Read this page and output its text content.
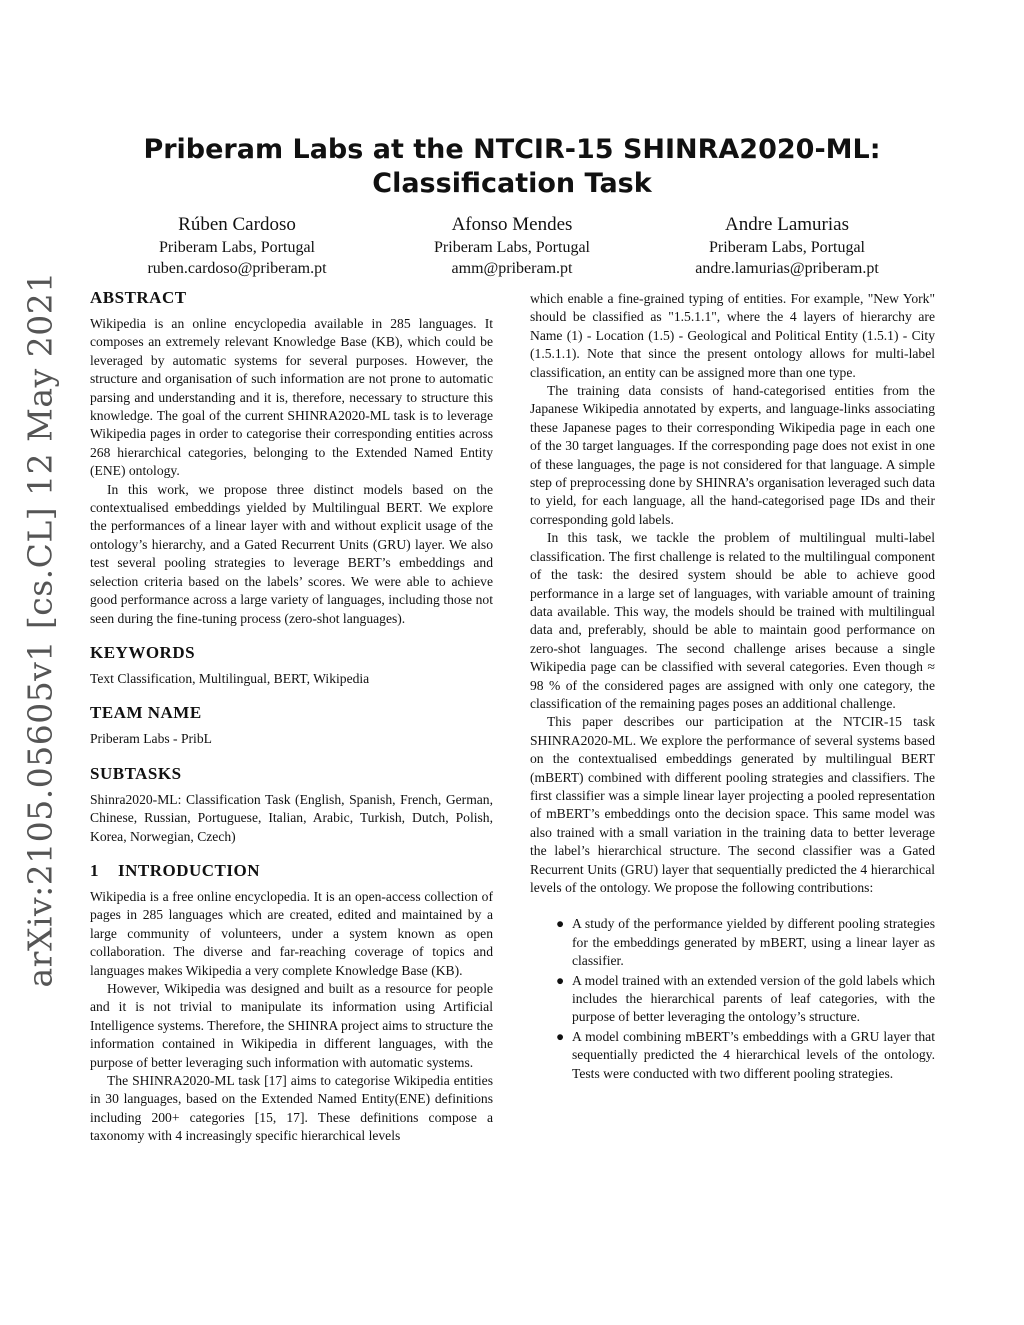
arXiv:2105.05605v1 [cs.CL] 12 May 2021
Priberam Labs at the NTCIR-15 SHINRA2020-ML: Classification Task
Rúben Cardoso
Priberam Labs, Portugal
ruben.cardoso@priberam.pt
Afonso Mendes
Priberam Labs, Portugal
amm@priberam.pt
Andre Lamurias
Priberam Labs, Portugal
andre.lamurias@priberam.pt
ABSTRACT

Wikipedia is an online encyclopedia available in 285 languages. It composes an extremely relevant Knowledge Base (KB), which could be leveraged by automatic systems for several purposes. However, the structure and organisation of such information are not prone to automatic parsing and understanding and it is, therefore, necessary to structure this knowledge. The goal of the current SHINRA2020-ML task is to leverage Wikipedia pages in order to categorise their corresponding entities across 268 hierarchical categories, belonging to the Extended Named Entity (ENE) ontology.

In this work, we propose three distinct models based on the contextualised embeddings yielded by Multilingual BERT. We explore the performances of a linear layer with and without explicit usage of the ontology’s hierarchy, and a Gated Recurrent Units (GRU) layer. We also test several pooling strategies to leverage BERT’s embeddings and selection criteria based on the labels’ scores. We were able to achieve good performance across a large variety of languages, including those not seen during the fine-tuning process (zero-shot languages).

KEYWORDS

Text Classification, Multilingual, BERT, Wikipedia

TEAM NAME

Priberam Labs - PribL

SUBTASKS

Shinra2020-ML: Classification Task (English, Spanish, French, German, Chinese, Russian, Portuguese, Italian, Arabic, Turkish, Dutch, Polish, Korea, Norwegian, Czech)

1 INTRODUCTION

Wikipedia is a free online encyclopedia. It is an open-access collection of pages in 285 languages which are created, edited and maintained by a large community of volunteers, under a system known as open collaboration. The diverse and far-reaching coverage of topics and languages makes Wikipedia a very complete Knowledge Base (KB).

However, Wikipedia was designed and built as a resource for people and it is not trivial to manipulate its information using Artificial Intelligence systems. Therefore, the SHINRA project aims to structure the information contained in Wikipedia in different languages, with the purpose of better leveraging such information with automatic systems.

The SHINRA2020-ML task [17] aims to categorise Wikipedia entities in 30 languages, based on the Extended Named Entity(ENE) definitions including 200+ categories [15, 17]. These definitions compose a taxonomy with 4 increasingly specific hierarchical levels

which enable a fine-grained typing of entities. For example, "New York" should be classified as "1.5.1.1", where the 4 layers of hierarchy are Name (1) - Location (1.5) - Geological and Political Entity (1.5.1) - City (1.5.1.1). Note that since the present ontology allows for multi-label classification, an entity can be assigned more than one type.

The training data consists of hand-categorised entities from the Japanese Wikipedia annotated by experts, and language-links associating these Japanese pages to their corresponding Wikipedia page in each one of the 30 target languages. If the corresponding page does not exist in one of these languages, the page is not considered for that language. A simple step of preprocessing done by SHINRA’s organisation leveraged such data to yield, for each language, all the hand-categorised page IDs and their corresponding gold labels.

In this task, we tackle the problem of multilingual multi-label classification. The first challenge is related to the multilingual component of the task: the desired system should be able to achieve good performance in a large set of languages, with variable amount of training data available. This way, the models should be trained with multilingual data and, preferably, should be able to maintain good performance on zero-shot languages. The second challenge arises because a single Wikipedia page can be classified with several categories. Even though ≈ 98 % of the considered pages are assigned with only one category, the classification of the remaining pages poses an additional challenge.

This paper describes our participation at the NTCIR-15 task SHINRA2020-ML. We explore the performance of several systems based on the contextualised embeddings generated by multilingual BERT (mBERT) combined with different pooling strategies and classifiers. The first classifier was a simple linear layer projecting a pooled representation of mBERT’s embeddings onto the decision space. This same model was also trained with a small variation in the training data to better leverage the label’s hierarchical structure. The second classifier was a Gated Recurrent Units (GRU) layer that sequentially predicted the 4 hierarchical levels of the ontology. We propose the following contributions:

● A study of the performance yielded by different pooling strategies for the embeddings generated by mBERT, using a linear layer as classifier.
● A model trained with an extended version of the gold labels which includes the hierarchical parents of leaf categories, with the purpose of better leveraging the ontology’s structure.
● A model combining mBERT’s embeddings with a GRU layer that sequentially predicted the 4 hierarchical levels of the ontology. Tests were conducted with two different pooling strategies.
